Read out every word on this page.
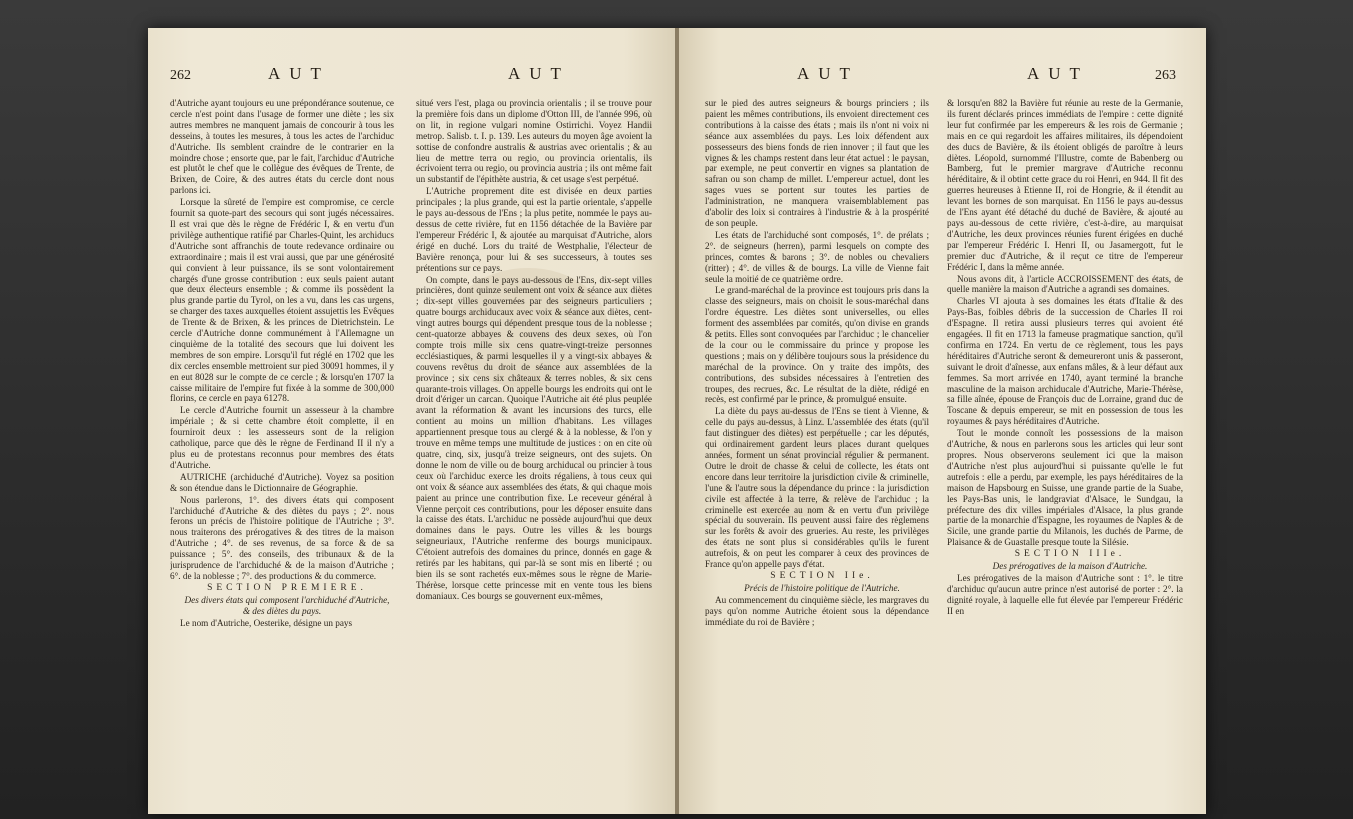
262	AUT	AUT

d'Autriche ayant toujours eu une prépondérance soutenue, ce cercle n'est point dans l'usage de former une diète ; les six autres membres ne manquent jamais de concourir à tous les desseins, à toutes les mesures, à tous les actes de l'archiduc d'Autriche. Ils semblent craindre de le contrarier en la moindre chose ; ensorte que, par le fait, l'archiduc d'Autriche est plutôt le chef que le collègue des évêques de Trente, de Brixen, de Coire, & des autres états du cercle dont nous parlons ici.

Lorsque la sûreté de l'empire est compromise, ce cercle fournit sa quote-part des secours qui sont jugés nécessaires. Il est vrai que dès le règne de Frédéric I, & en vertu d'un privilège authentique ratifié par Charles-Quint, les archiducs d'Autriche sont affranchis de toute redevance ordinaire ou extraordinaire ; mais il est vrai aussi, que par une générosité qui convient à leur puissance, ils se sont volontairement chargés d'une grosse contribution : eux seuls paient autant que deux électeurs ensemble ; & comme ils possèdent la plus grande partie du Tyrol, on les a vu, dans les cas urgens, se charger des taxes auxquelles étoient assujettis les Evêques de Trente & de Brixen, & les princes de Dietrichstein. Le cercle d'Autriche donne communément à l'Allemagne un cinquième de la totalité des secours que lui doivent les membres de son empire. Lorsqu'il fut réglé en 1702 que les dix cercles ensemble mettroient sur pied 30091 hommes, il y en eut 8028 sur le compte de ce cercle ; & lorsqu'en 1707 la caisse militaire de l'empire fut fixée à la somme de 300,000 florins, ce cercle en paya 61278.

Le cercle d'Autriche fournit un assesseur à la chambre impériale ; & si cette chambre étoit complette, il en fourniroit deux : les assesseurs sont de la religion catholique, parce que dès le règne de Ferdinand II il n'y a plus eu de protestans reconnus pour membres des états d'Autriche.

AUTRICHE (archiduché d'Autriche). Voyez sa position & son étendue dans le Dictionnaire de Géographie.

Nous parlerons, 1°. des divers états qui composent l'archiduché d'Autriche & des diètes du pays ; 2°. nous ferons un précis de l'histoire politique de l'Autriche ; 3°. nous traiterons des prérogatives & des titres de la maison d'Autriche ; 4°. de ses revenus, de sa force & de sa puissance ; 5°. des conseils, des tribunaux & de la jurisprudence de l'archiduché & de la maison d'Autriche ; 6°. de la noblesse ; 7°. des productions & du commerce.

SECTION PREMIERE.

Des divers états qui composent l'archiduché d'Autriche, & des diètes du pays.

Le nom d'Autriche, Oesterike, désigne un pays

situé vers l'est, plaga ou provincia orientalis ; il se trouve pour la première fois dans un diplome d'Otton III, de l'année 996, où on lit, in regione vulgari nomine Ostirrichi. Voyez Handii metrop. Salisb. t. I. p. 139. Les auteurs du moyen âge avoient la sottise de confondre australis & austrias avec orientalis ; & au lieu de mettre terra ou regio, ou provincia orientalis, ils écrivoient terra ou regio, ou provincia austria ; ils ont même fait un substantif de l'épithète austria, & cet usage s'est perpétué.

L'Autriche proprement dite est divisée en deux parties principales ; la plus grande, qui est la partie orientale, s'appelle le pays au-dessous de l'Ens ; la plus petite, nommée le pays au-dessus de cette rivière, fut en 1156 détachée de la Bavière par l'empereur Frédéric I, & ajoutée au marquisat d'Autriche, alors érigé en duché. Lors du traité de Westphalie, l'électeur de Bavière renonça, pour lui & ses successeurs, à toutes ses prétentions sur ce pays.

On compte, dans le pays au-dessous de l'Ens, dix-sept villes princières, dont quinze seulement ont voix & séance aux diètes ; dix-sept villes gouvernées par des seigneurs particuliers ; quatre bourgs archiducaux avec voix & séance aux diètes, cent-vingt autres bourgs qui dépendent presque tous de la noblesse ; cent-quatorze abbayes & couvens des deux sexes, où l'on compte trois mille six cens quatre-vingt-treize personnes ecclésiastiques, & parmi lesquelles il y a vingt-six abbayes & couvens revêtus du droit de séance aux assemblées de la province ; six cens six châteaux & terres nobles, & six cens quarante-trois villages. On appelle bourgs les endroits qui ont le droit d'ériger un carcan. Quoique l'Autriche ait été plus peuplée avant la réformation & avant les incursions des turcs, elle contient au moins un million d'habitans. Les villages appartiennent presque tous au clergé & à la noblesse, & l'on y trouve en même temps une multitude de justices : on en cite où quatre, cinq, six, jusqu'à treize seigneurs, ont des sujets. On donne le nom de ville ou de bourg archiducal ou princier à tous ceux où l'archiduc exerce les droits régaliens, à tous ceux qui ont voix & séance aux assemblées des états, & qui chaque mois paient au prince une contribution fixe. Le receveur général à Vienne perçoit ces contributions, pour les déposer ensuite dans la caisse des états. L'archiduc ne possède aujourd'hui que deux domaines dans le pays. Outre les villes & les bourgs seigneuriaux, l'Autriche renferme des bourgs municipaux. C'étoient autrefois des domaines du prince, donnés en gage & retirés par les habitans, qui par-là se sont mis en liberté ; ou bien ils se sont rachetés eux-mêmes sous le règne de Marie-Thérèse, lorsque cette princesse mit en vente tous les biens domaniaux. Ces bourgs se gouvernent eux-mêmes,

AUT	AUT	263

sur le pied des autres seigneurs & bourgs princiers ; ils paient les mêmes contributions, ils envoient directement ces contributions à la caisse des états ; mais ils n'ont ni voix ni séance aux assemblées du pays. Les loix défendent aux possesseurs des biens fonds de rien innover ; il faut que les vignes & les champs restent dans leur état actuel : le paysan, par exemple, ne peut convertir en vignes sa plantation de safran ou son champ de millet. L'empereur actuel, dont les sages vues se portent sur toutes les parties de l'administration, ne manquera vraisemblablement pas d'abolir des loix si contraires à l'industrie & à la prospérité de son peuple.

Les états de l'archiduché sont composés, 1°. de prélats ; 2°. de seigneurs (herren), parmi lesquels on compte des princes, comtes & barons ; 3°. de nobles ou chevaliers (ritter) ; 4°. de villes & de bourgs. La ville de Vienne fait seule la moitié de ce quatrième ordre.

Le grand-maréchal de la province est toujours pris dans la classe des seigneurs, mais on choisit le sous-maréchal dans l'ordre équestre. Les diètes sont universelles, ou elles forment des assemblées par comités, qu'on divise en grands & petits. Elles sont convoquées par l'archiduc ; le chancelier de la cour ou le commissaire du prince y propose les questions ; mais on y délibère toujours sous la présidence du maréchal de la province. On y traite des impôts, des contributions, des subsides nécessaires à l'entretien des troupes, des recrues, &c. Le résultat de la diète, rédigé en recès, est confirmé par le prince, & promulgué ensuite.

La diète du pays au-dessus de l'Ens se tient à Vienne, & celle du pays au-dessus, à Linz. L'assemblée des états (qu'il faut distinguer des diètes) est perpétuelle ; car les députés, qui ordinairement gardent leurs places durant quelques années, forment un sénat provincial régulier & permanent. Outre le droit de chasse & celui de collecte, les états ont encore dans leur territoire la jurisdiction civile & criminelle, l'une & l'autre sous la dépendance du prince : la jurisdiction civile est affectée à la terre, & relève de l'archiduc ; la criminelle est exercée au nom & en vertu d'un privilège spécial du souverain. Ils peuvent aussi faire des règlemens sur les forêts & avoir des grueries. Au reste, les privilèges des états ne sont plus si considérables qu'ils le furent autrefois, & on peut les comparer à ceux des provinces de France qu'on appelle pays d'état.

SECTION IIe.

Précis de l'histoire politique de l'Autriche.

Au commencement du cinquième siècle, les margraves du pays qu'on nomme Autriche étoient sous la dépendance immédiate du roi de Bavière ;

& lorsqu'en 882 la Bavière fut réunie au reste de la Germanie, ils furent déclarés princes immédiats de l'empire : cette dignité leur fut confirmée par les empereurs & les rois de Germanie ; mais en ce qui regardoit les affaires militaires, ils dépendoient des ducs de Bavière, & ils étoient obligés de paroître à leurs diètes. Léopold, surnommé l'Illustre, comte de Babenberg ou Bamberg, fut le premier margrave d'Autriche reconnu héréditaire, & il obtint cette grace du roi Henri, en 944. Il fit des guerres heureuses à Etienne II, roi de Hongrie, & il étendit au levant les bornes de son marquisat. En 1156 le pays au-dessus de l'Ens ayant été détaché du duché de Bavière, & ajouté au pays au-dessous de cette rivière, c'est-à-dire, au marquisat d'Autriche, les deux provinces réunies furent érigées en duché par l'empereur Frédéric I. Henri II, ou Jasamergott, fut le premier duc d'Autriche, & il reçut ce titre de l'empereur Frédéric I, dans la même année.

Nous avons dit, à l'article ACCROISSEMENT des états, de quelle manière la maison d'Autriche a agrandi ses domaines.

Charles VI ajouta à ses domaines les états d'Italie & des Pays-Bas, foibles débris de la succession de Charles II roi d'Espagne. Il retira aussi plusieurs terres qui avoient été engagées. Il fit en 1713 la fameuse pragmatique sanction, qu'il confirma en 1724. En vertu de ce règlement, tous les pays héréditaires d'Autriche seront & demeureront unis & passeront, suivant le droit d'aînesse, aux enfans mâles, & à leur défaut aux femmes. Sa mort arrivée en 1740, ayant terminé la branche masculine de la maison archiducale d'Autriche, Marie-Thérèse, sa fille aînée, épouse de François duc de Lorraine, grand duc de Toscane & depuis empereur, se mit en possession de tous les royaumes & pays héréditaires d'Autriche.

Tout le monde connoît les possessions de la maison d'Autriche, & nous en parlerons sous les articles qui leur sont propres. Nous observerons seulement ici que la maison d'Autriche n'est plus aujourd'hui si puissante qu'elle le fut autrefois : elle a perdu, par exemple, les pays héréditaires de la maison de Hapsbourg en Suisse, une grande partie de la Suabe, les Pays-Bas unis, le landgraviat d'Alsace, le Sundgau, la préfecture des dix villes impériales d'Alsace, la plus grande partie de la monarchie d'Espagne, les royaumes de Naples & de Sicile, une grande partie du Milanois, les duchés de Parme, de Plaisance & de Guastalle presque toute la Silésie.

SECTION IIIe.

Des prérogatives de la maison d'Autriche.

Les prérogatives de la maison d'Autriche sont : 1°. le titre d'archiduc qu'aucun autre prince n'est autorisé de porter : 2°. la dignité royale, à laquelle elle fut élevée par l'empereur Frédéric II en
